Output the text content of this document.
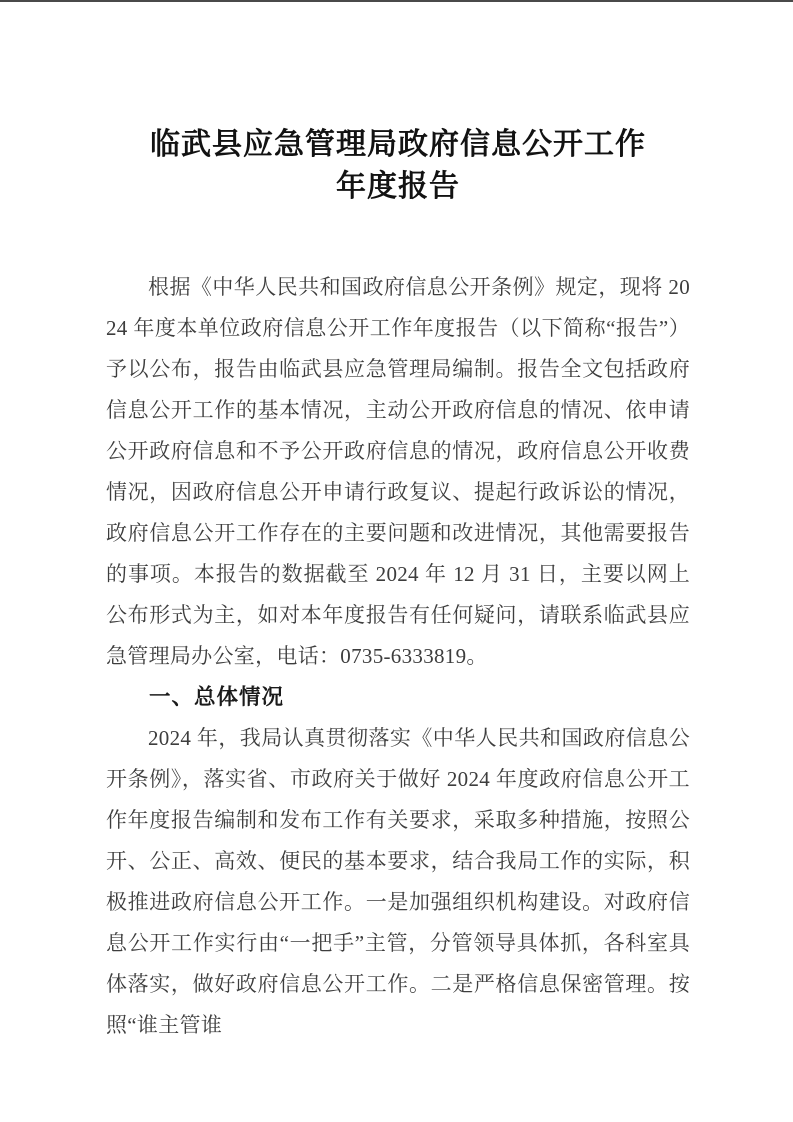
临武县应急管理局政府信息公开工作
年度报告

根据《中华人民共和国政府信息公开条例》规定，现将 2024 年度本单位政府信息公开工作年度报告（以下简称“报告”）予以公布，报告由临武县应急管理局编制。报告全文包括政府信息公开工作的基本情况，主动公开政府信息的情况、依申请公开政府信息和不予公开政府信息的情况，政府信息公开收费情况，因政府信息公开申请行政复议、提起行政诉讼的情况，政府信息公开工作存在的主要问题和改进情况，其他需要报告的事项。本报告的数据截至 2024 年 12 月 31 日，主要以网上公布形式为主，如对本年度报告有任何疑问，请联系临武县应急管理局办公室，电话：0735-6333819。

一、总体情况

2024 年，我局认真贯彻落实《中华人民共和国政府信息公开条例》，落实省、市政府关于做好 2024 年度政府信息公开工作年度报告编制和发布工作有关要求，采取多种措施，按照公开、公正、高效、便民的基本要求，结合我局工作的实际，积极推进政府信息公开工作。一是加强组织机构建设。对政府信息公开工作实行由“一把手”主管，分管领导具体抓，各科室具体落实，做好政府信息公开工作。二是严格信息保密管理。按照“谁主管谁
